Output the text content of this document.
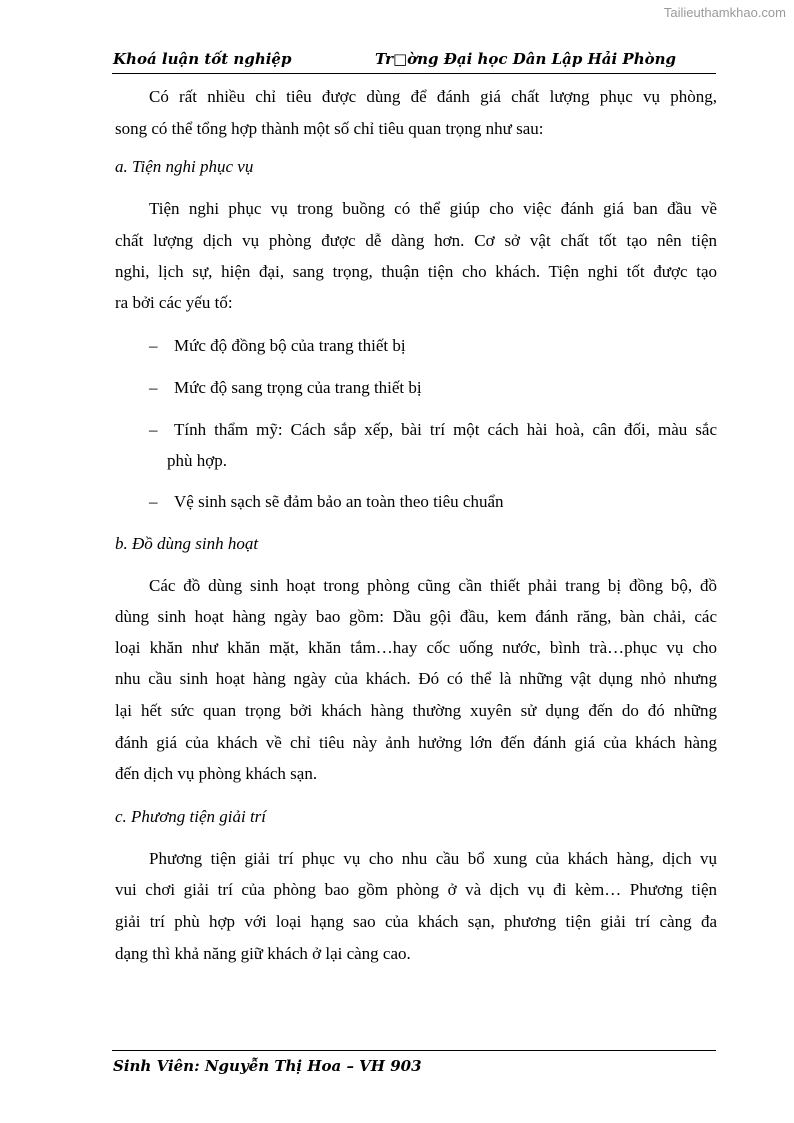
Tailieuthamkhao.com
Khoá luận tốt nghiệp	Tr□ờng Đại học Dân Lập Hải Phòng
Có rất nhiều chỉ tiêu được dùng để đánh giá chất lượng phục vụ phòng,
song có thể tổng hợp thành một số chỉ tiêu quan trọng như sau:
a. Tiện nghi phục vụ
Tiện nghi phục vụ trong buồng có thể giúp cho việc đánh giá ban đầu về
chất lượng dịch vụ phòng được dễ dàng hơn. Cơ sở vật chất tốt tạo nên tiện
nghi, lịch sự, hiện đại, sang trọng, thuận tiện cho khách. Tiện nghi tốt được tạo
ra bởi các yếu tố:
– Mức độ đồng bộ của trang thiết bị
– Mức độ sang trọng của trang thiết bị
– Tính thẩm mỹ: Cách sắp xếp, bài trí một cách hài hoà, cân đối, màu sắc
phù hợp.
– Vệ sinh sạch sẽ đảm bảo an toàn theo tiêu chuẩn
b. Đồ dùng sinh hoạt
Các đồ dùng sinh hoạt trong phòng cũng cần thiết phải trang bị đồng bộ, đồ
dùng sinh hoạt hàng ngày bao gồm: Dầu gội đầu, kem đánh răng, bàn chải, các
loại khăn như khăn mặt, khăn tắm…hay cốc uống nước, bình trà…phục vụ cho
nhu cầu sinh hoạt hàng ngày của khách. Đó có thể là những vật dụng nhỏ nhưng
lại hết sức quan trọng bởi khách hàng thường xuyên sử dụng đến do đó những
đánh giá của khách về chỉ tiêu này ảnh hưởng lớn đến đánh giá của khách hàng
đến dịch vụ phòng khách sạn.
c. Phương tiện giải trí
Phương tiện giải trí phục vụ cho nhu cầu bổ xung của khách hàng, dịch vụ
vui chơi giải trí của phòng bao gồm phòng ở và dịch vụ đi kèm… Phương tiện
giải trí phù hợp với loại hạng sao của khách sạn, phương tiện giải trí càng đa
dạng thì khả năng giữ khách ở lại càng cao.
Sinh Viên: Nguyễn Thị Hoa – VH 903
